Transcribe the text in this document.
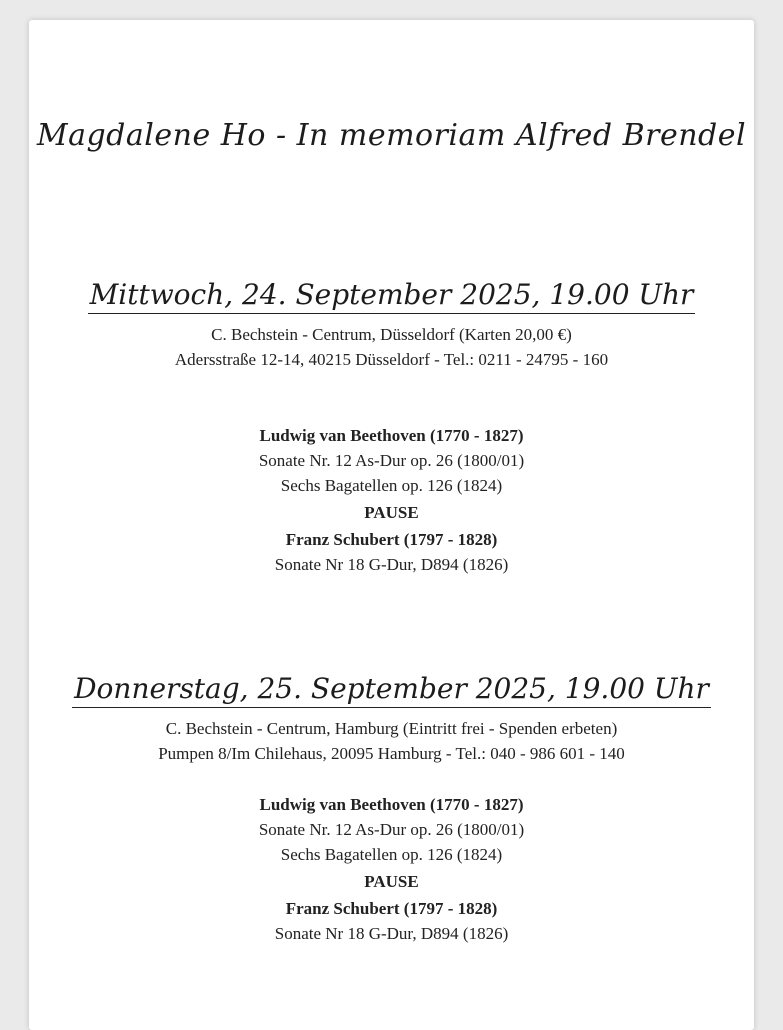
Magdalene Ho - In memoriam Alfred Brendel
Mittwoch, 24. September 2025, 19.00 Uhr
C. Bechstein - Centrum, Düsseldorf (Karten 20,00 €)
Adersstraße 12-14, 40215 Düsseldorf - Tel.: 0211 - 24795 - 160
Ludwig van Beethoven (1770 - 1827)
Sonate Nr. 12 As-Dur op. 26 (1800/01)
Sechs Bagatellen op. 126 (1824)
PAUSE
Franz Schubert (1797 - 1828)
Sonate Nr 18 G-Dur, D894 (1826)
Donnerstag, 25. September 2025, 19.00 Uhr
C. Bechstein - Centrum, Hamburg (Eintritt frei - Spenden erbeten)
Pumpen 8/Im Chilehaus, 20095 Hamburg - Tel.: 040 - 986 601 - 140
Ludwig van Beethoven (1770 - 1827)
Sonate Nr. 12 As-Dur op. 26 (1800/01)
Sechs Bagatellen op. 126 (1824)
PAUSE
Franz Schubert (1797 - 1828)
Sonate Nr 18 G-Dur, D894 (1826)
